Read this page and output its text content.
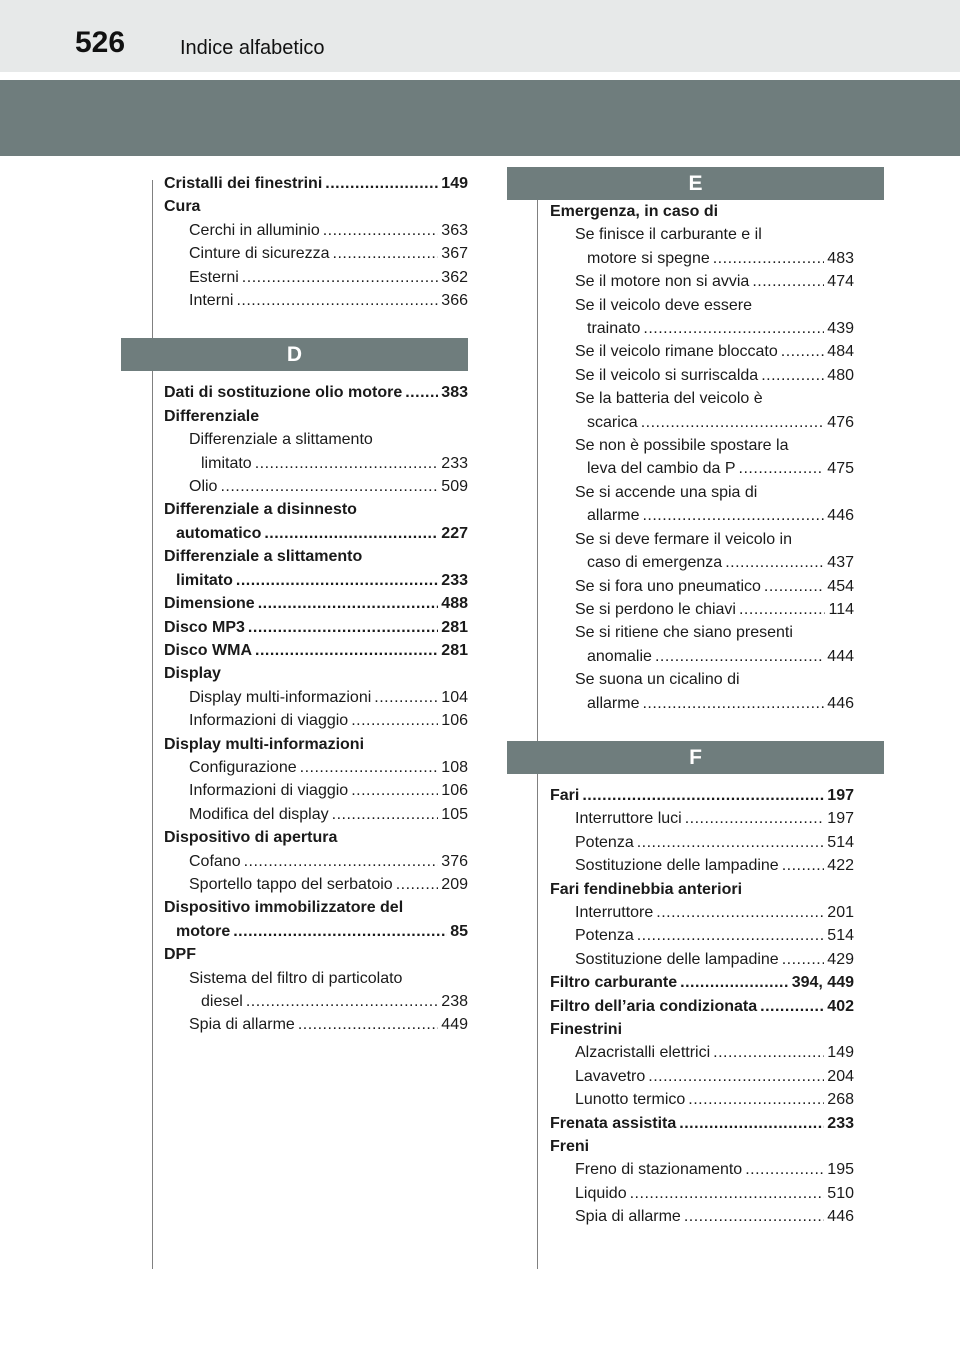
526	Indice alfabetico
Cristalli dei finestrini .....	149
Cura
Cerchi in alluminio .....	363
Cinture di sicurezza .....	367
Esterni .....	362
Interni .....	366
D
Dati di sostituzione olio motore ..... 383
Differenziale
Differenziale a slittamento
limitato .....	233
Olio .....	509
Differenziale a disinnesto
automatico .....	227
Differenziale a slittamento
limitato .....	233
Dimensione .....	488
Disco MP3 .....	281
Disco WMA .....	281
Display
Display multi-informazioni .....	104
Informazioni di viaggio .....	106
Display multi-informazioni
Configurazione .....	108
Informazioni di viaggio .....	106
Modifica del display .....	105
Dispositivo di apertura
Cofano .....	376
Sportello tappo del serbatoio .....	209
Dispositivo immobilizzatore del
motore .....	85
DPF
Sistema del filtro di particolato
diesel .....	238
Spia di allarme .....	449
E
Emergenza, in caso di
Se finisce il carburante e il
motore si spegne .....	483
Se il motore non si avvia .....	474
Se il veicolo deve essere
trainato .....	439
Se il veicolo rimane bloccato .....	484
Se il veicolo si surriscalda .....	480
Se la batteria del veicolo è
scarica .....	476
Se non è possibile spostare la
leva del cambio da P .....	475
Se si accende una spia di
allarme .....	446
Se si deve fermare il veicolo in
caso di emergenza .....	437
Se si fora uno pneumatico .....	454
Se si perdono le chiavi .....	114
Se si ritiene che siano presenti
anomalie .....	444
Se suona un cicalino di
allarme .....	446
F
Fari .....	197
Interruttore luci .....	197
Potenza .....	514
Sostituzione delle lampadine .....	422
Fari fendinebbia anteriori
Interruttore .....	201
Potenza .....	514
Sostituzione delle lampadine .....	429
Filtro carburante .....	394, 449
Filtro dell’aria condizionata .....	402
Finestrini
Alzacristalli elettrici .....	149
Lavavetro .....	204
Lunotto termico .....	268
Frenata assistita .....	233
Freni
Freno di stazionamento .....	195
Liquido .....	510
Spia di allarme .....	446
